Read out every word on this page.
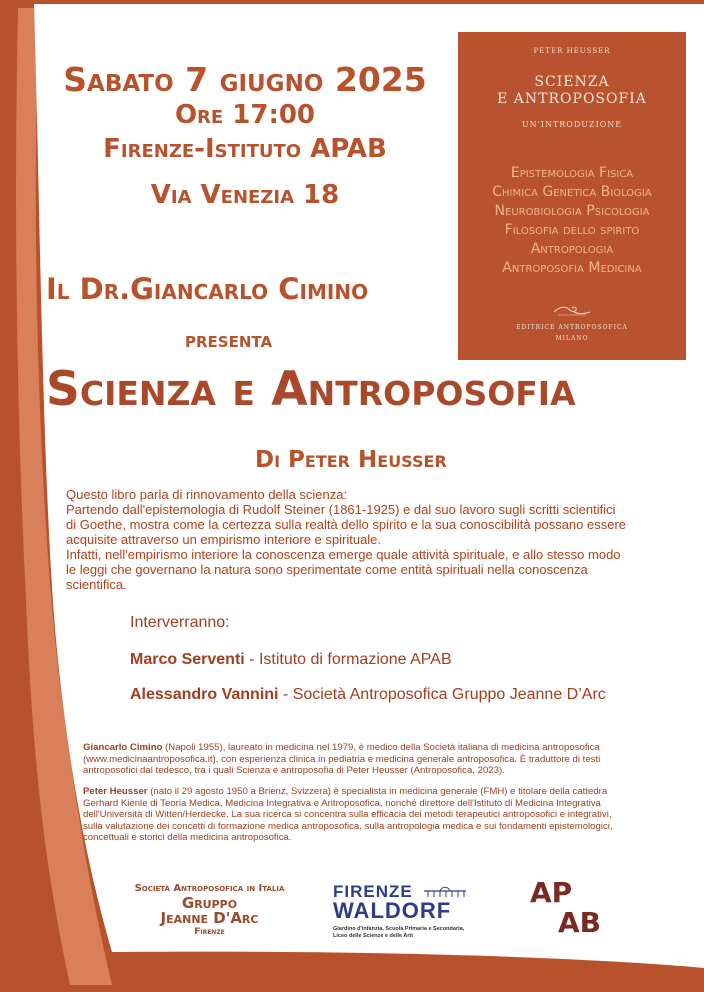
Sabato 7 giugno 2025
Ore 17:00
Firenze-Istituto APAB
Via Venezia 18
Il Dr.Giancarlo Cimino
presenta
Scienza e Antroposofia
Di Peter Heusser
PETER HEUSSER
SCIENZA
E ANTROPOSOFIA
UN'INTRODUZIONE
Epistemologia Fisica
Chimica Genetica Biologia
Neurobiologia Psicologia
Filosofia dello spirito
Antropologia
Antroposofia Medicina
EDITRICE ANTROPOSOFICA
MILANO
Questo libro parla di rinnovamento della scienza:
Partendo dall'epistemologia di Rudolf Steiner (1861-1925) e dal suo lavoro sugli scritti scientifici
di Goethe, mostra come la certezza sulla realtà dello spirito e la sua conoscibilità possano essere
acquisite attraverso un empirismo interiore e spirituale.
Infatti, nell'empirismo interiore la conoscenza emerge quale attività spirituale, e allo stesso modo
le leggi che governano la natura sono sperimentate come entità spirituali nella conoscenza
scientifica.
Interverranno:
Marco Serventi - Istituto di formazione APAB
Alessandro Vannini - Società Antroposofica Gruppo Jeanne D’Arc
Giancarlo Cimino (Napoli 1955), laureato in medicina nel 1979, è medico della Società italiana di medicina antroposofica
(www.medicinaantroposofica.it), con esperienza clinica in pediatria e medicina generale antroposofica. È traduttore di testi
antroposofici dal tedesco, tra i quali Scienza e antroposofia di Peter Heusser (Antroposofica, 2023).
Peter Heusser (nato il 29 agosto 1950 a Brienz, Svizzera) è specialista in medicina generale (FMH) e titolare della cattedra
Gerhard Kienle di Teoria Medica, Medicina Integrativa e Antroposofica, nonché direttore dell'Istituto di Medicina Integrativa
dell'Università di Witten/Herdecke. La sua ricerca si concentra sulla efficacia dei metodi terapeutici antroposofici e integrativi,
sulla valutazione dei concetti di formazione medica antroposofica, sulla antropologia medica e sui fondamenti epistemologici,
concettuali e storici della medicina antroposofica.
Società Antroposofica in Italia
Gruppo
Jeanne D'Arc
Firenze
FIRENZE
WALDORF
Giardino d'infanzia, Scuola Primaria e Secondaria,
Liceo delle Scienze e delle Arti
AP
AB
